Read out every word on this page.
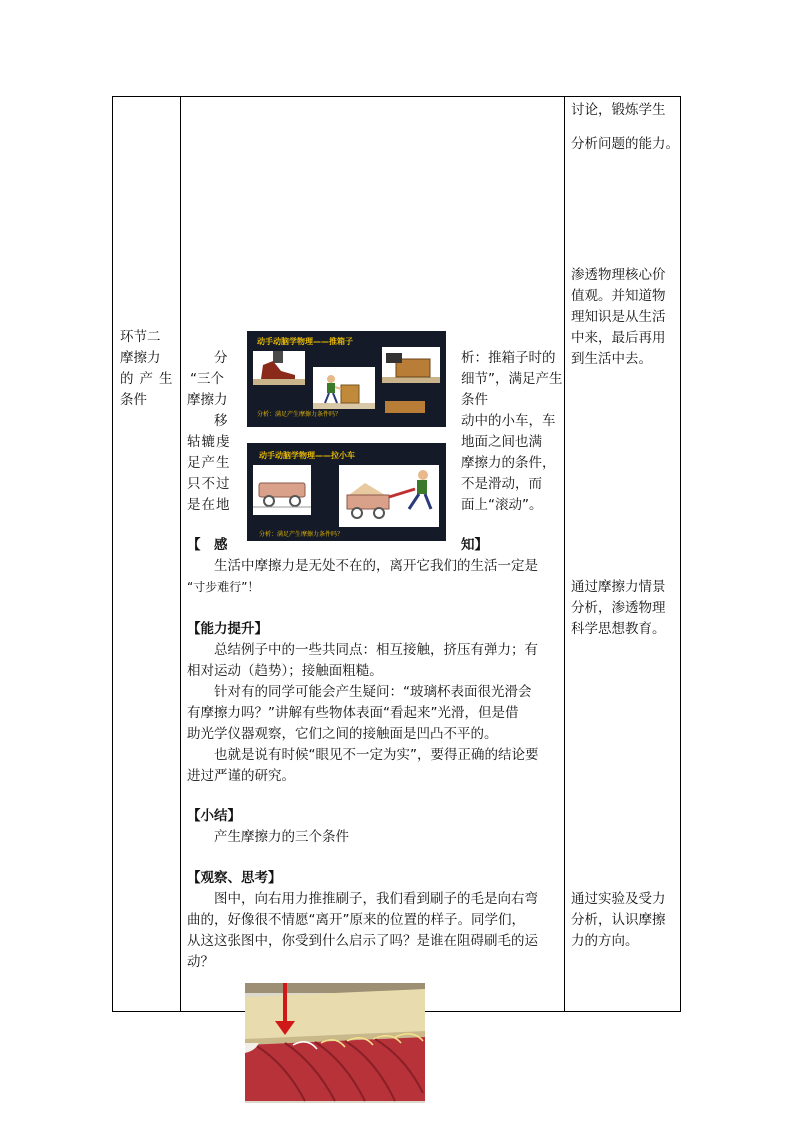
环节二
摩擦力
的产生
条件
讨论，锻炼学生
分析问题的能力。
渗透物理核心价
值观。并知道物
理知识是从生活
中来，最后再用
到生活中去。
通过摩擦力情景
分析，渗透物理
科学思想教育。
通过实验及受力
分析，认识摩擦
力的方向。
动手动脑学物理——推箱子
分析：满足产生摩擦力条件吗？
动手动脑学物理——拉小车
分析：满足产生摩擦力条件吗？
分
“三个
摩擦力
移
轱辘虔
足产生
只不过
是在地
析：推箱子时的
细节”，满足产生
条件
动中的小车，车
地面之间也满
摩擦力的条件，
不是滑动，而
面上“滚动”。
【　感	知】
生活中摩擦力是无处不在的，离开它我们的生活一定是
“寸步难行”！
【能力提升】
总结例子中的一些共同点：相互接触，挤压有弹力；有
相对运动（趋势）；接触面粗糙。
针对有的同学可能会产生疑问：“玻璃杯表面很光滑会
有摩擦力吗？”讲解有些物体表面“看起来”光滑，但是借
助光学仪器观察，它们之间的接触面是凹凸不平的。
也就是说有时候“眼见不一定为实”，要得正确的结论要
进过严谨的研究。
【小结】
产生摩擦力的三个条件
【观察、思考】
图中，向右用力推推刷子，我们看到刷子的毛是向右弯
曲的，好像很不情愿“离开”原来的位置的样子。同学们，
从这这张图中，你受到什么启示了吗？是谁在阻碍刷毛的运
动？
